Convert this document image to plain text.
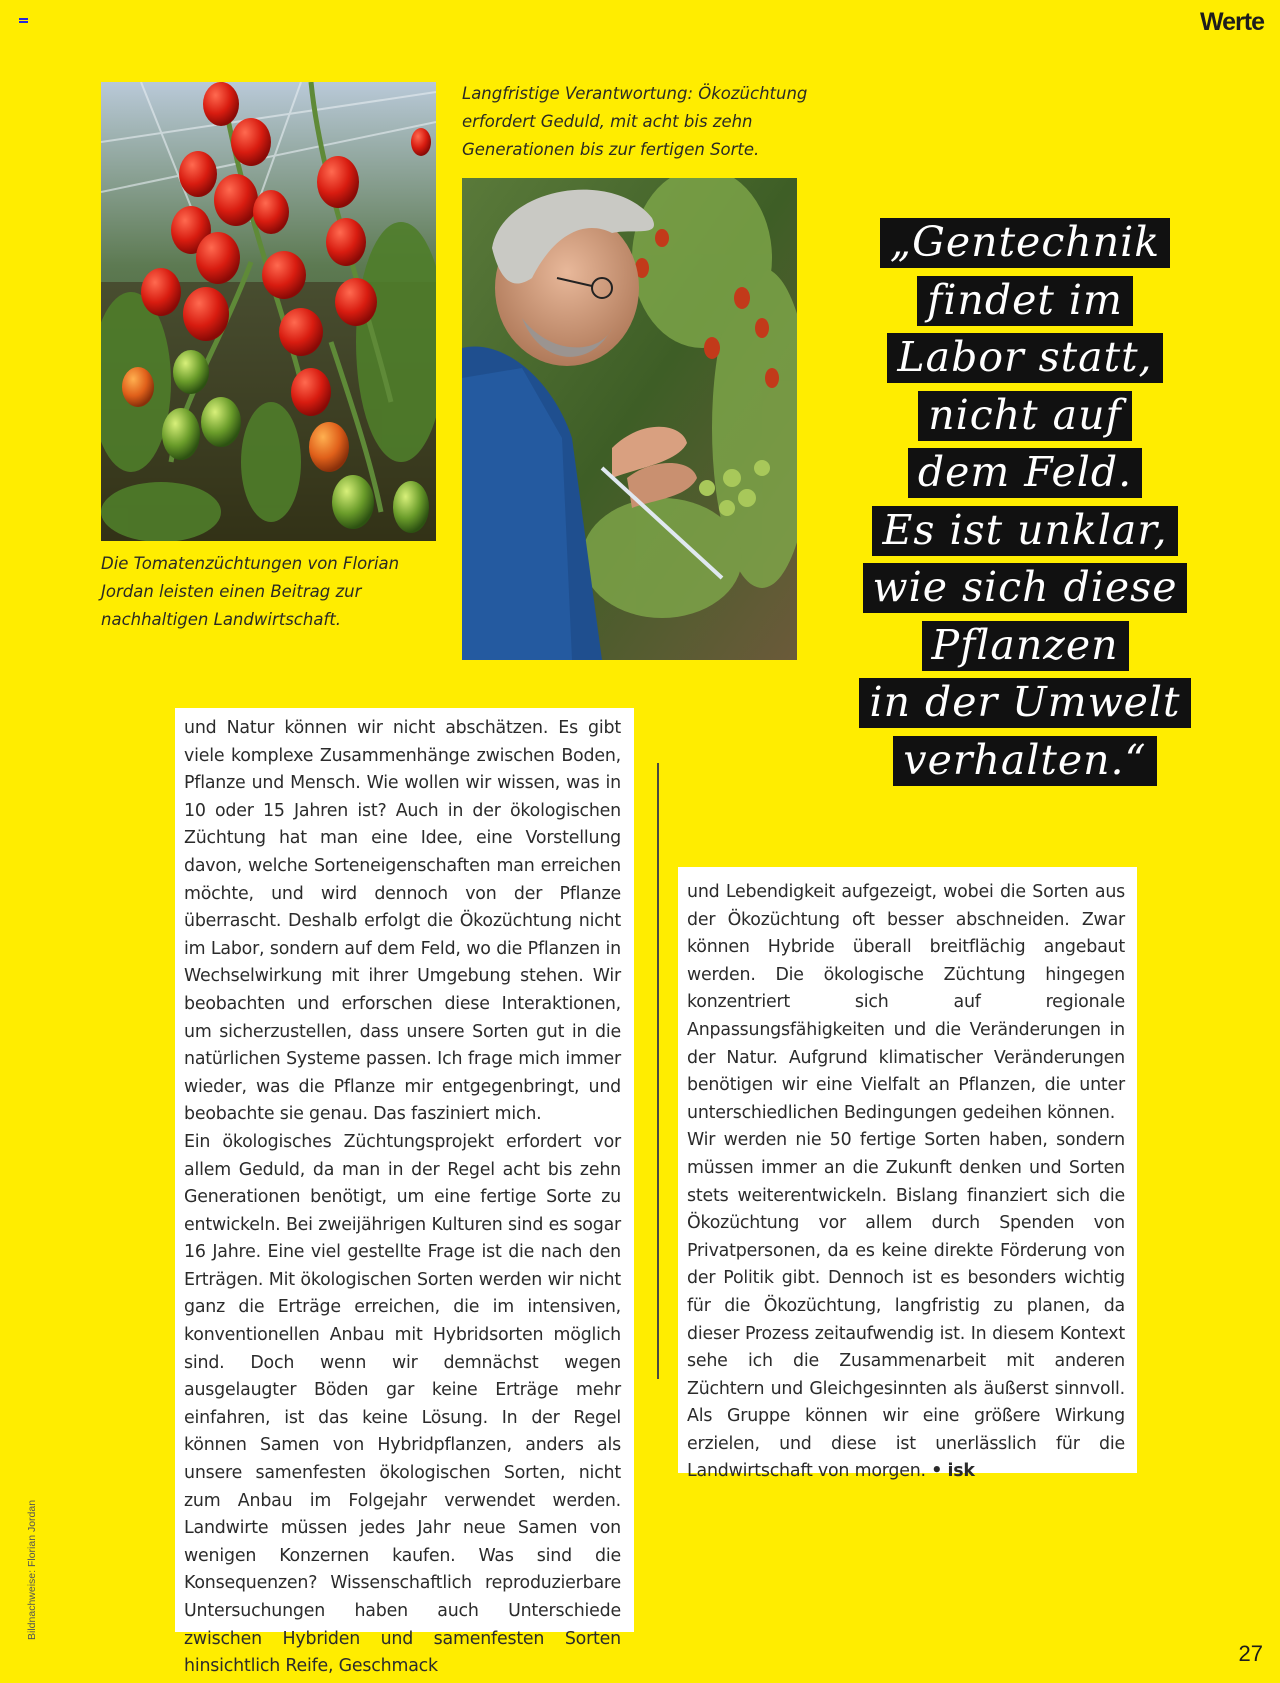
Werte
Die Tomatenzüchtungen von Florian Jordan leisten einen Beitrag zur nachhaltigen Landwirtschaft.
Langfristige Verantwortung: Ökozüchtung erfordert Geduld, mit acht bis zehn Generationen bis zur fertigen Sorte.
„Gentechnik
findet im
Labor statt,
nicht auf
dem Feld.
Es ist unklar,
wie sich diese
Pflanzen
in der Umwelt
verhalten.“

und Natur können wir nicht abschätzen. Es gibt viele komplexe Zusammenhänge zwischen Boden, Pflanze und Mensch. Wie wollen wir wissen, was in 10 oder 15 Jahren ist? Auch in der ökologischen Züchtung hat man eine Idee, eine Vorstellung davon, welche Sorteneigenschaften man erreichen möchte, und wird dennoch von der Pflanze überrascht. Deshalb erfolgt die Ökozüchtung nicht im Labor, sondern auf dem Feld, wo die Pflanzen in Wechselwirkung mit ihrer Umgebung stehen. Wir beobachten und erforschen diese Interaktionen, um sicherzustellen, dass unsere Sorten gut in die natürlichen Systeme passen. Ich frage mich immer wieder, was die Pflanze mir entgegenbringt, und beobachte sie genau. Das fasziniert mich.

Ein ökologisches Züchtungsprojekt erfordert vor allem Geduld, da man in der Regel acht bis zehn Generationen benötigt, um eine fertige Sorte zu entwickeln. Bei zweijährigen Kulturen sind es sogar 16 Jahre. Eine viel gestellte Frage ist die nach den Erträgen. Mit ökologischen Sorten werden wir nicht ganz die Erträge erreichen, die im intensiven, konventionellen Anbau mit Hybridsorten möglich sind. Doch wenn wir demnächst wegen ausgelaugter Böden gar keine Erträge mehr einfahren, ist das keine Lösung. In der Regel können Samen von Hybridpflanzen, anders als unsere samenfesten ökologischen Sorten, nicht zum Anbau im Folgejahr verwendet werden. Landwirte müssen jedes Jahr neue Samen von wenigen Konzernen kaufen. Was sind die Konsequenzen? Wissenschaftlich reproduzierbare Untersuchungen haben auch Unterschiede zwischen Hybriden und samenfesten Sorten hinsichtlich Reife, Geschmack

und Lebendigkeit aufgezeigt, wobei die Sorten aus der Ökozüchtung oft besser abschneiden. Zwar können Hybride überall breitflächig angebaut werden. Die ökologische Züchtung hingegen konzentriert sich auf regionale Anpassungsfähigkeiten und die Veränderungen in der Natur. Aufgrund klimatischer Veränderungen benötigen wir eine Vielfalt an Pflanzen, die unter unterschiedlichen Bedingungen gedeihen können.

Wir werden nie 50 fertige Sorten haben, sondern müssen immer an die Zukunft denken und Sorten stets weiterentwickeln. Bislang finanziert sich die Ökozüchtung vor allem durch Spenden von Privatpersonen, da es keine direkte Förderung von der Politik gibt. Dennoch ist es besonders wichtig für die Ökozüchtung, langfristig zu planen, da dieser Prozess zeitaufwendig ist. In diesem Kontext sehe ich die Zusammenarbeit mit anderen Züchtern und Gleichgesinnten als äußerst sinnvoll. Als Gruppe können wir eine größere Wirkung erzielen, und diese ist unerlässlich für die Landwirtschaft von morgen. • isk

Bildnachweise: Florian Jordan
27
